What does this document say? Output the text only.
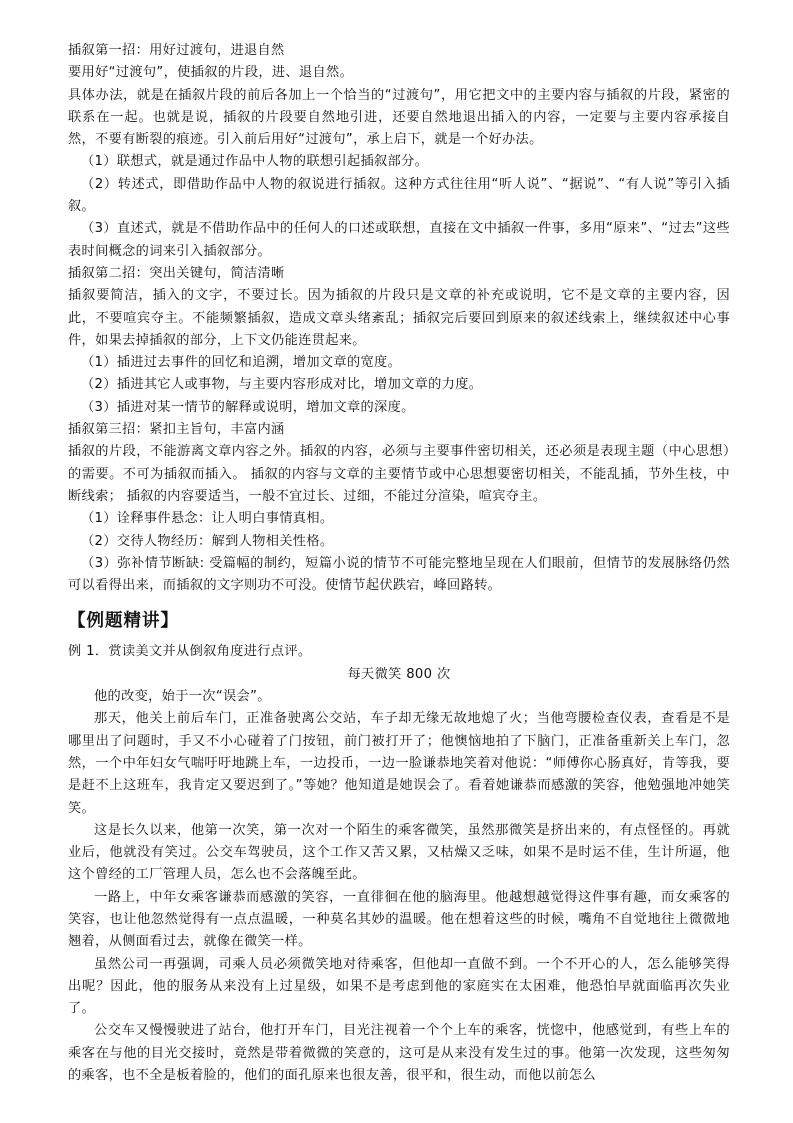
插叙第一招：用好过渡句，进退自然

要用好“过渡句”，使插叙的片段，进、退自然。

具体办法，就是在插叙片段的前后各加上一个恰当的“过渡句”，用它把文中的主要内容与插叙的片段，紧密的联系在一起。也就是说，插叙的片段要自然地引进，还要自然地退出插入的内容，一定要与主要内容承接自然，不要有断裂的痕迹。引入前后用好“过渡句”，承上启下，就是一个好办法。

（1）联想式，就是通过作品中人物的联想引起插叙部分。

（2）转述式，即借助作品中人物的叙说进行插叙。这种方式往往用“听人说”、“据说”、“有人说”等引入插叙。

（3）直述式，就是不借助作品中的任何人的口述或联想，直接在文中插叙一件事，多用“原来”、“过去”这些表时间概念的词来引入插叙部分。

插叙第二招：突出关键句，简洁清晰

插叙要简洁，插入的文字，不要过长。因为插叙的片段只是文章的补充或说明，它不是文章的主要内容，因此，不要喧宾夺主。不能频繁插叙，造成文章头绪紊乱；插叙完后要回到原来的叙述线索上，继续叙述中心事件，如果去掉插叙的部分，上下文仍能连贯起来。

（1）插进过去事件的回忆和追溯，增加文章的宽度。

（2）插进其它人或事物，与主要内容形成对比，增加文章的力度。

（3）插进对某一情节的解释或说明，增加文章的深度。

插叙第三招：紧扣主旨句，丰富内涵

插叙的片段，不能游离文章内容之外。插叙的内容，必须与主要事件密切相关，还必须是表现主题（中心思想）的需要。不可为插叙而插入。 插叙的内容与文章的主要情节或中心思想要密切相关，不能乱插，节外生枝，中断线索； 插叙的内容要适当，一般不宜过长、过细，不能过分渲染，喧宾夺主。

（1）诠释事件悬念：让人明白事情真相。

（2）交待人物经历：解到人物相关性格。

（3）弥补情节断缺: 受篇幅的制约，短篇小说的情节不可能完整地呈现在人们眼前，但情节的发展脉络仍然可以看得出来，而插叙的文字则功不可没。使情节起伏跌宕，峰回路转。

【例题精讲】

例 1．赏读美文并从倒叙角度进行点评。

每天微笑 800 次

他的改变，始于一次“误会”。

那天，他关上前后车门，正准备驶离公交站，车子却无缘无故地熄了火；当他弯腰检查仪表，查看是不是哪里出了问题时，手又不小心碰着了门按钮，前门被打开了；他懊恼地拍了下脑门，正准备重新关上车门，忽然，一个中年妇女气喘吁吁地跳上车，一边投币，一边一脸谦恭地笑着对他说：“师傅你心肠真好，肯等我，要是赶不上这班车，我肯定又要迟到了。”等她？他知道是她误会了。看着她谦恭而感激的笑容，他勉强地冲她笑笑。

这是长久以来，他第一次笑，第一次对一个陌生的乘客微笑，虽然那微笑是挤出来的，有点怪怪的。再就业后，他就没有笑过。公交车驾驶员，这个工作又苦又累，又枯燥又乏味，如果不是时运不佳，生计所逼，他这个曾经的工厂管理人员，怎么也不会落魄至此。

一路上，中年女乘客谦恭而感激的笑容，一直徘徊在他的脑海里。他越想越觉得这件事有趣，而女乘客的笑容，也让他忽然觉得有一点点温暖，一种莫名其妙的温暖。他在想着这些的时候，嘴角不自觉地往上微微地翘着，从侧面看过去，就像在微笑一样。

虽然公司一再强调，司乘人员必须微笑地对待乘客，但他却一直做不到。一个不开心的人，怎么能够笑得出呢？因此，他的服务从来没有上过星级，如果不是考虑到他的家庭实在太困难，他恐怕早就面临再次失业了。

公交车又慢慢驶进了站台，他打开车门，目光注视着一个个上车的乘客，恍惚中，他感觉到，有些上车的乘客在与他的目光交接时，竟然是带着微微的笑意的，这可是从来没有发生过的事。他第一次发现，这些匆匆的乘客，也不全是板着脸的，他们的面孔原来也很友善，很平和，很生动，而他以前怎么
